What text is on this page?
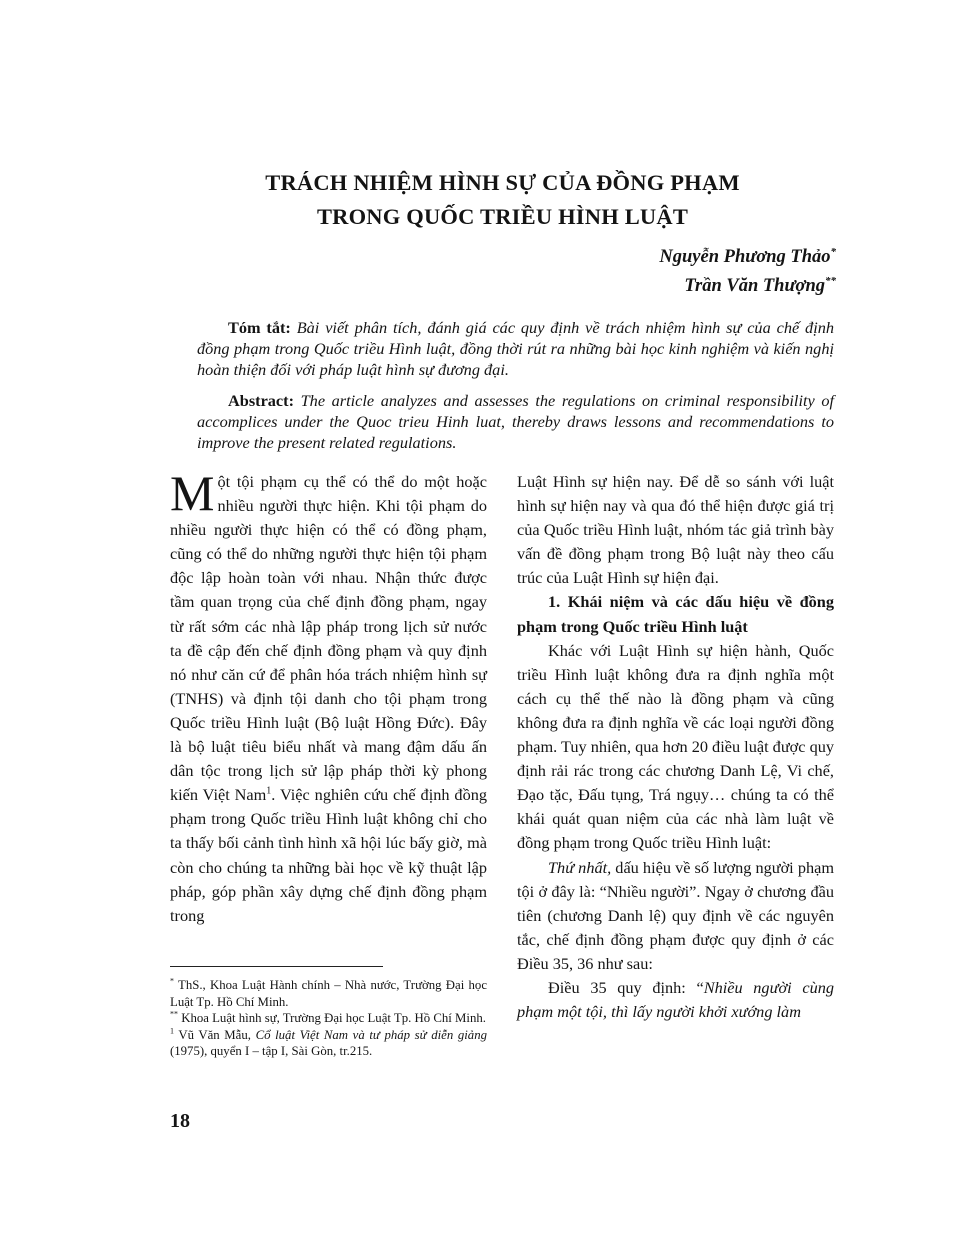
TRÁCH NHIỆM HÌNH SỰ CỦA ĐỒNG PHẠM
TRONG QUỐC TRIỀU HÌNH LUẬT
Nguyễn Phương Thảo*
Trần Văn Thượng**
Tóm tắt: Bài viết phân tích, đánh giá các quy định về trách nhiệm hình sự của chế định đồng phạm trong Quốc triều Hình luật, đồng thời rút ra những bài học kinh nghiệm và kiến nghị hoàn thiện đối với pháp luật hình sự đương đại.
Abstract: The article analyzes and assesses the regulations on criminal responsibility of accomplices under the Quoc trieu Hinh luat, thereby draws lessons and recommendations to improve the present related regulations.

Một tội phạm cụ thể có thể do một hoặc nhiều người thực hiện. Khi tội phạm do nhiều người thực hiện có thể có đồng phạm, cũng có thể do những người thực hiện tội phạm độc lập hoàn toàn với nhau. Nhận thức được tầm quan trọng của chế định đồng phạm, ngay từ rất sớm các nhà lập pháp trong lịch sử nước ta đề cập đến chế định đồng phạm và quy định nó như căn cứ để phân hóa trách nhiệm hình sự (TNHS) và định tội danh cho tội phạm trong Quốc triều Hình luật (Bộ luật Hồng Đức). Đây là bộ luật tiêu biểu nhất và mang đậm dấu ấn dân tộc trong lịch sử lập pháp thời kỳ phong kiến Việt Nam$^1$. Việc nghiên cứu chế định đồng phạm trong Quốc triều Hình luật không chỉ cho ta thấy bối cảnh tình hình xã hội lúc bấy giờ, mà còn cho chúng ta những bài học về kỹ thuật lập pháp, góp phần xây dựng chế định đồng phạm trong

* ThS., Khoa Luật Hành chính – Nhà nước, Trường Đại học Luật Tp. Hồ Chí Minh.

** Khoa Luật hình sự, Trường Đại học Luật Tp. Hồ Chí Minh.

$^1$ Vũ Văn Mẫu, Cổ luật Việt Nam và tư pháp sử diễn giảng (1975), quyển I – tập I, Sài Gòn, tr.215.

Luật Hình sự hiện nay. Để dễ so sánh với luật hình sự hiện nay và qua đó thể hiện được giá trị của Quốc triều Hình luật, nhóm tác giả trình bày vấn đề đồng phạm trong Bộ luật này theo cấu trúc của Luật Hình sự hiện đại.

1. Khái niệm và các dấu hiệu về đồng phạm trong Quốc triều Hình luật

Khác với Luật Hình sự hiện hành, Quốc triều Hình luật không đưa ra định nghĩa một cách cụ thể thế nào là đồng phạm và cũng không đưa ra định nghĩa về các loại người đồng phạm. Tuy nhiên, qua hơn 20 điều luật được quy định rải rác trong các chương Danh Lệ, Vi chế, Đạo tặc, Đấu tụng, Trá ngụy… chúng ta có thể khái quát quan niệm của các nhà làm luật về đồng phạm trong Quốc triều Hình luật:

Thứ nhất, dấu hiệu về số lượng người phạm tội ở đây là: “Nhiều người”. Ngay ở chương đầu tiên (chương Danh lệ) quy định về các nguyên tắc, chế định đồng phạm được quy định ở các Điều 35, 36 như sau:

Điều 35 quy định: “Nhiều người cùng phạm một tội, thì lấy người khởi xướng làm

18
